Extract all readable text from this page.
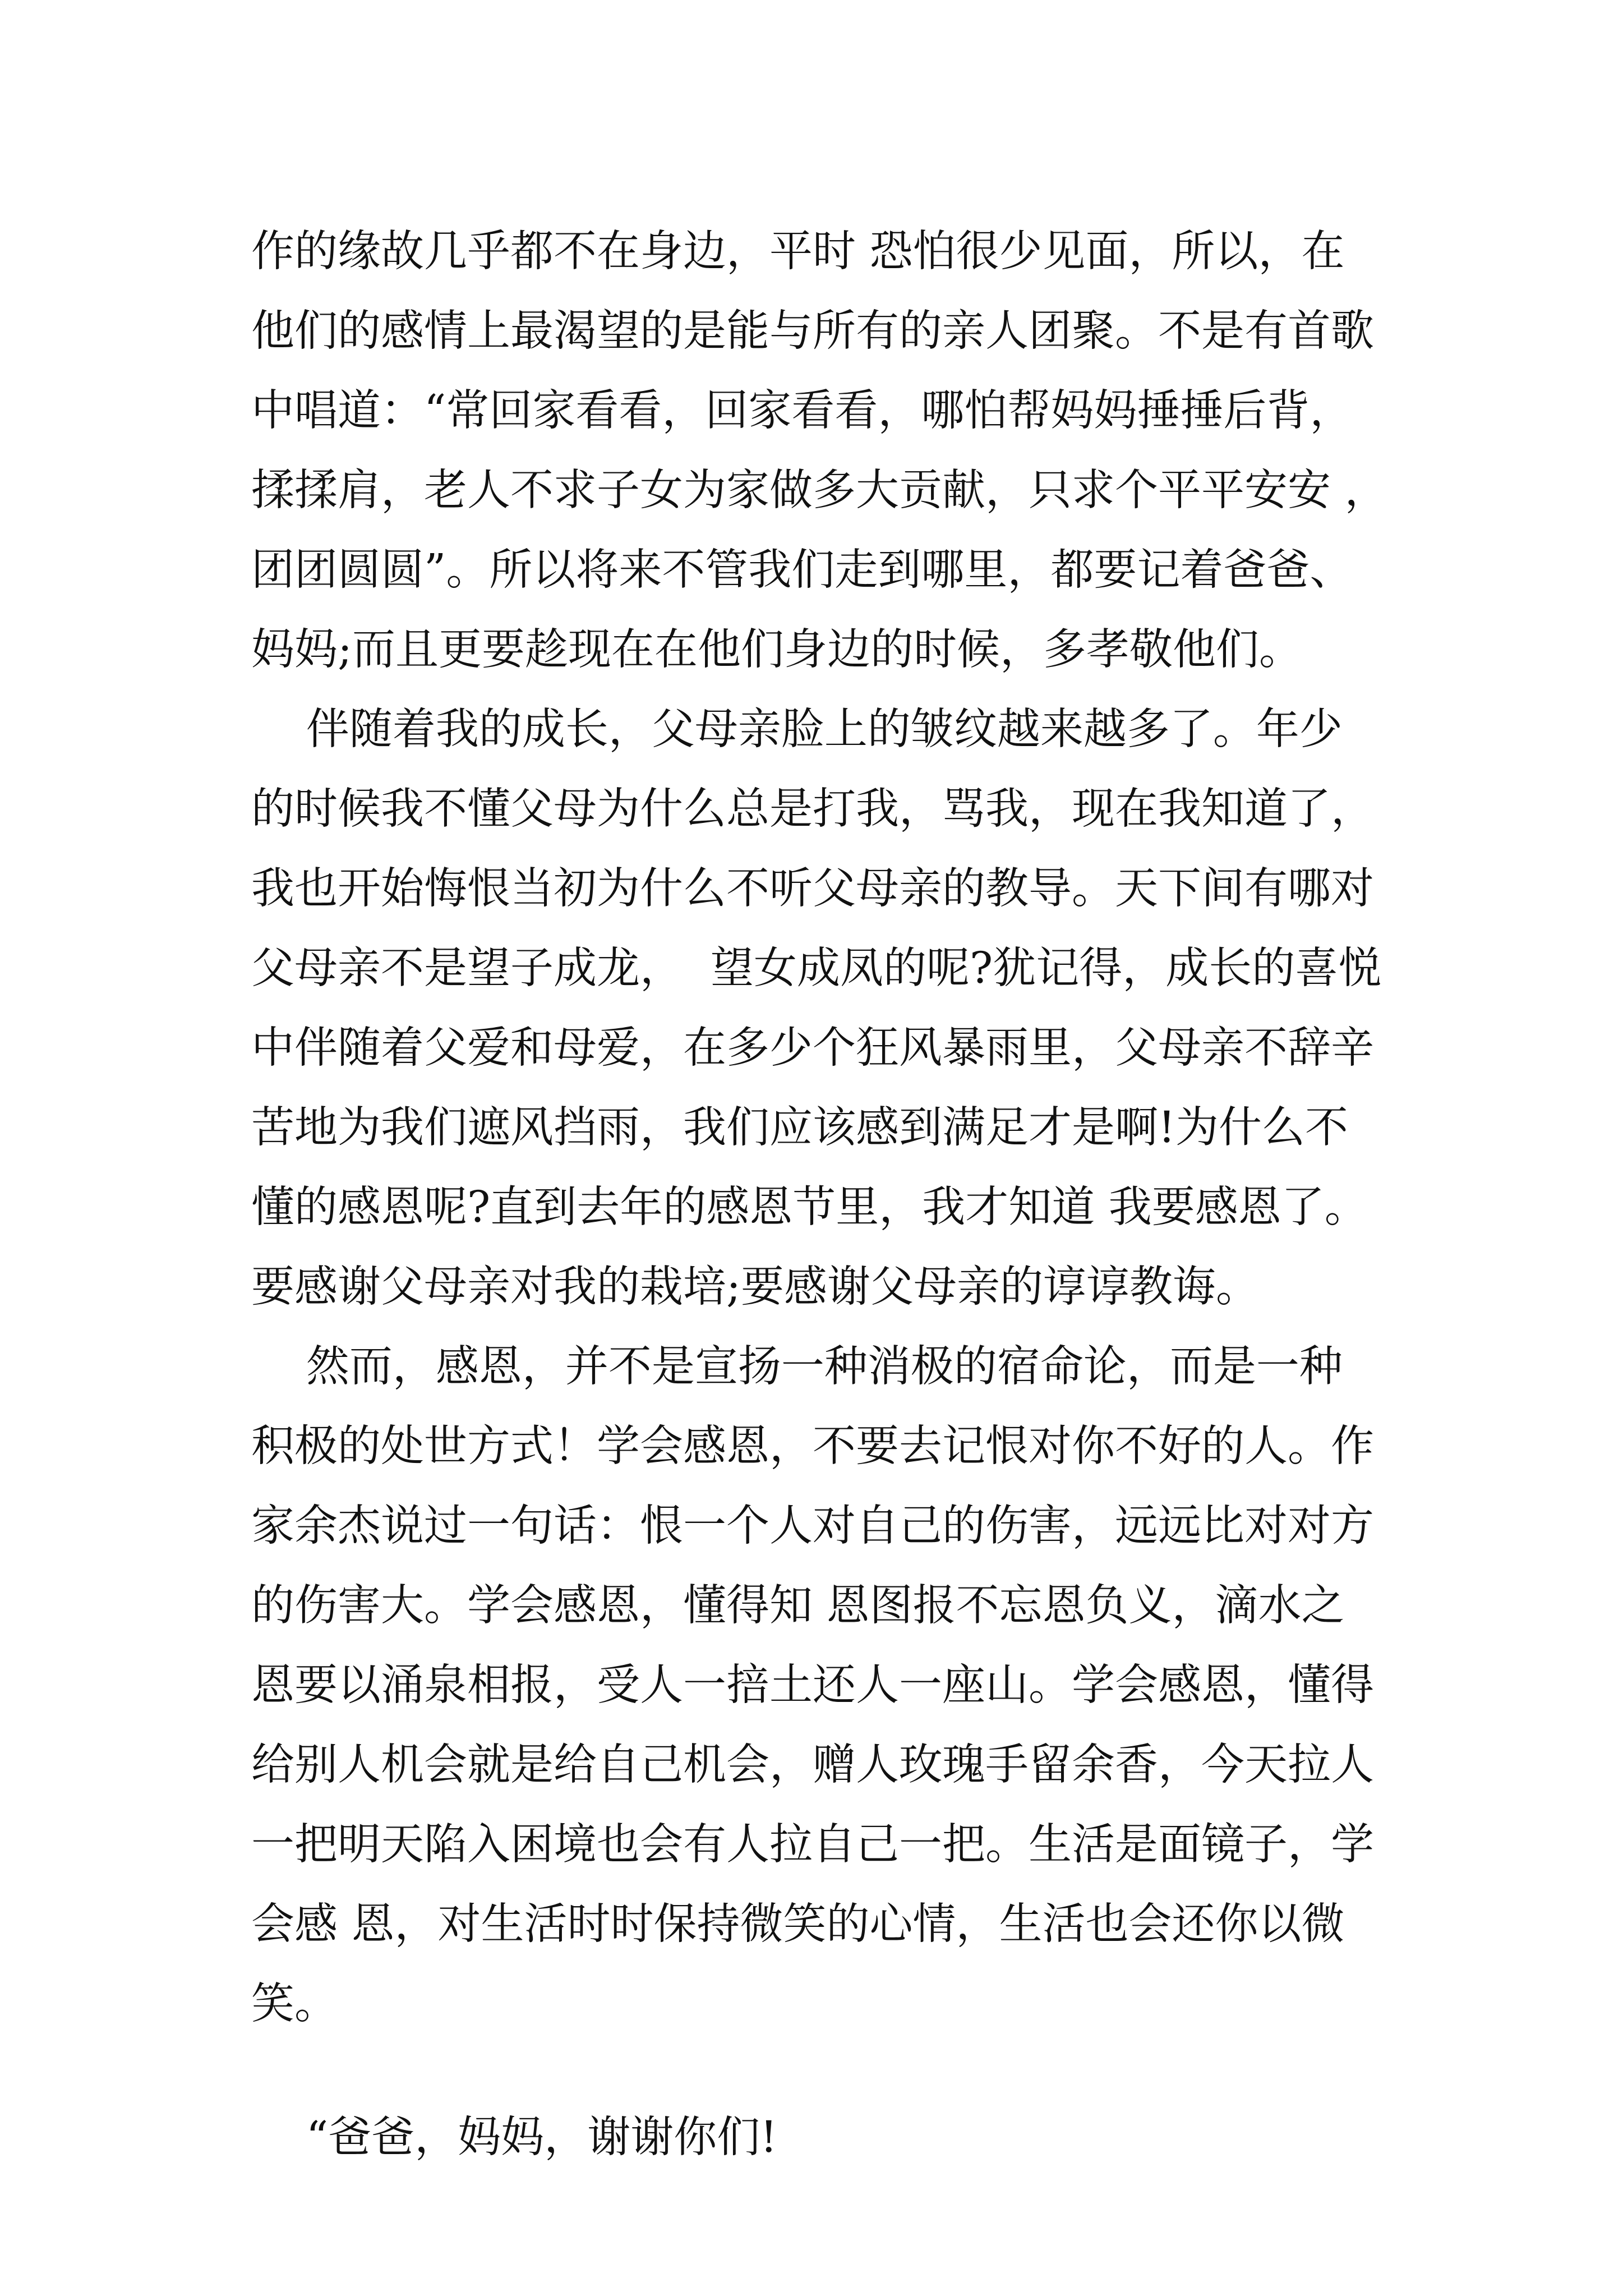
作的缘故几乎都不在身边，平时 恐怕很少见面，所以，在
他们的感情上最渴望的是能与所有的亲人团聚。不是有首歌
中唱道：“常回家看看，回家看看，哪怕帮妈妈捶捶后背，
揉揉肩，老人不求子女为家做多大贡献，只求个平平安安 ，
团团圆圆”。所以将来不管我们走到哪里，都要记着爸爸、
妈妈;而且更要趁现在在他们身边的时候，多孝敬他们。
伴随着我的成长，父母亲脸上的皱纹越来越多了。年少
的时候我不懂父母为什么总是打我，骂我，现在我知道了，
我也开始悔恨当初为什么不听父母亲的教导。天下间有哪对
父母亲不是望子成龙，  望女成凤的呢?犹记得，成长的喜悦
中伴随着父爱和母爱，在多少个狂风暴雨里，父母亲不辞辛
苦地为我们遮风挡雨，我们应该感到满足才是啊!为什么不
懂的感恩呢?直到去年的感恩节里，我才知道 我要感恩了。
要感谢父母亲对我的栽培;要感谢父母亲的谆谆教诲。
然而，感恩，并不是宣扬一种消极的宿命论，而是一种
积极的处世方式！学会感恩，不要去记恨对你不好的人。作
家余杰说过一句话：恨一个人对自己的伤害，远远比对对方
的伤害大。学会感恩，懂得知 恩图报不忘恩负义，滴水之
恩要以涌泉相报，受人一掊土还人一座山。学会感恩，懂得
给别人机会就是给自己机会，赠人玫瑰手留余香，今天拉人
一把明天陷入困境也会有人拉自己一把。生活是面镜子，学
会感 恩，对生活时时保持微笑的心情，生活也会还你以微
笑。
“爸爸，妈妈，谢谢你们!
